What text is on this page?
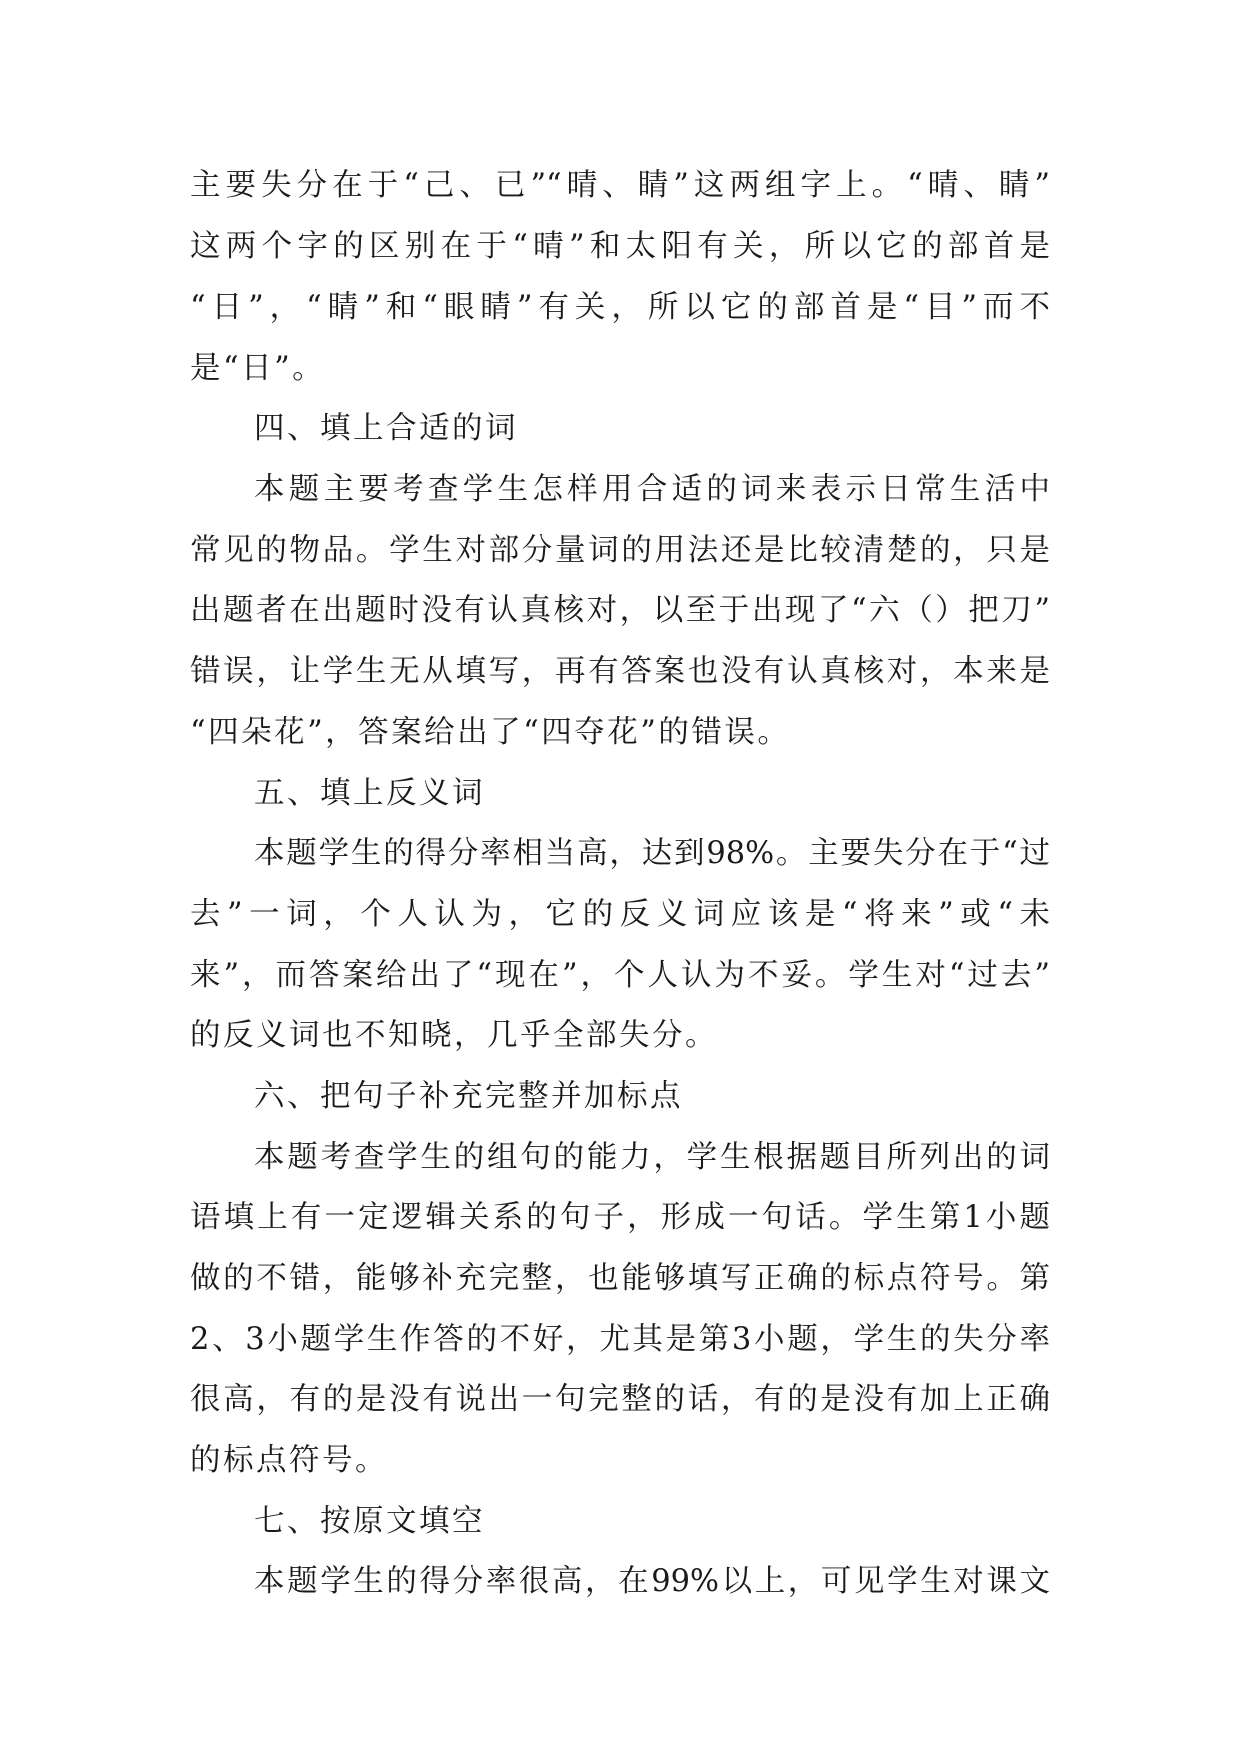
主要失分在于“己、已”“晴、睛”这两组字上。“晴、睛”
这两个字的区别在于“晴”和太阳有关，所以它的部首是
“日”，“睛”和“眼睛”有关，所以它的部首是“目”而不
是“日”。
四、填上合适的词
本题主要考查学生怎样用合适的词来表示日常生活中
常见的物品。学生对部分量词的用法还是比较清楚的，只是
出题者在出题时没有认真核对，以至于出现了“六（）把刀”
错误，让学生无从填写，再有答案也没有认真核对，本来是
“四朵花”，答案给出了“四夺花”的错误。
五、填上反义词
本题学生的得分率相当高，达到98%。主要失分在于“过
去”一词，个人认为，它的反义词应该是“将来”或“未
来”，而答案给出了“现在”，个人认为不妥。学生对“过去”
的反义词也不知晓，几乎全部失分。
六、把句子补充完整并加标点
本题考查学生的组句的能力，学生根据题目所列出的词
语填上有一定逻辑关系的句子，形成一句话。学生第1小题
做的不错，能够补充完整，也能够填写正确的标点符号。第
2、3小题学生作答的不好，尤其是第3小题，学生的失分率
很高，有的是没有说出一句完整的话，有的是没有加上正确
的标点符号。
七、按原文填空
本题学生的得分率很高，在99%以上，可见学生对课文
